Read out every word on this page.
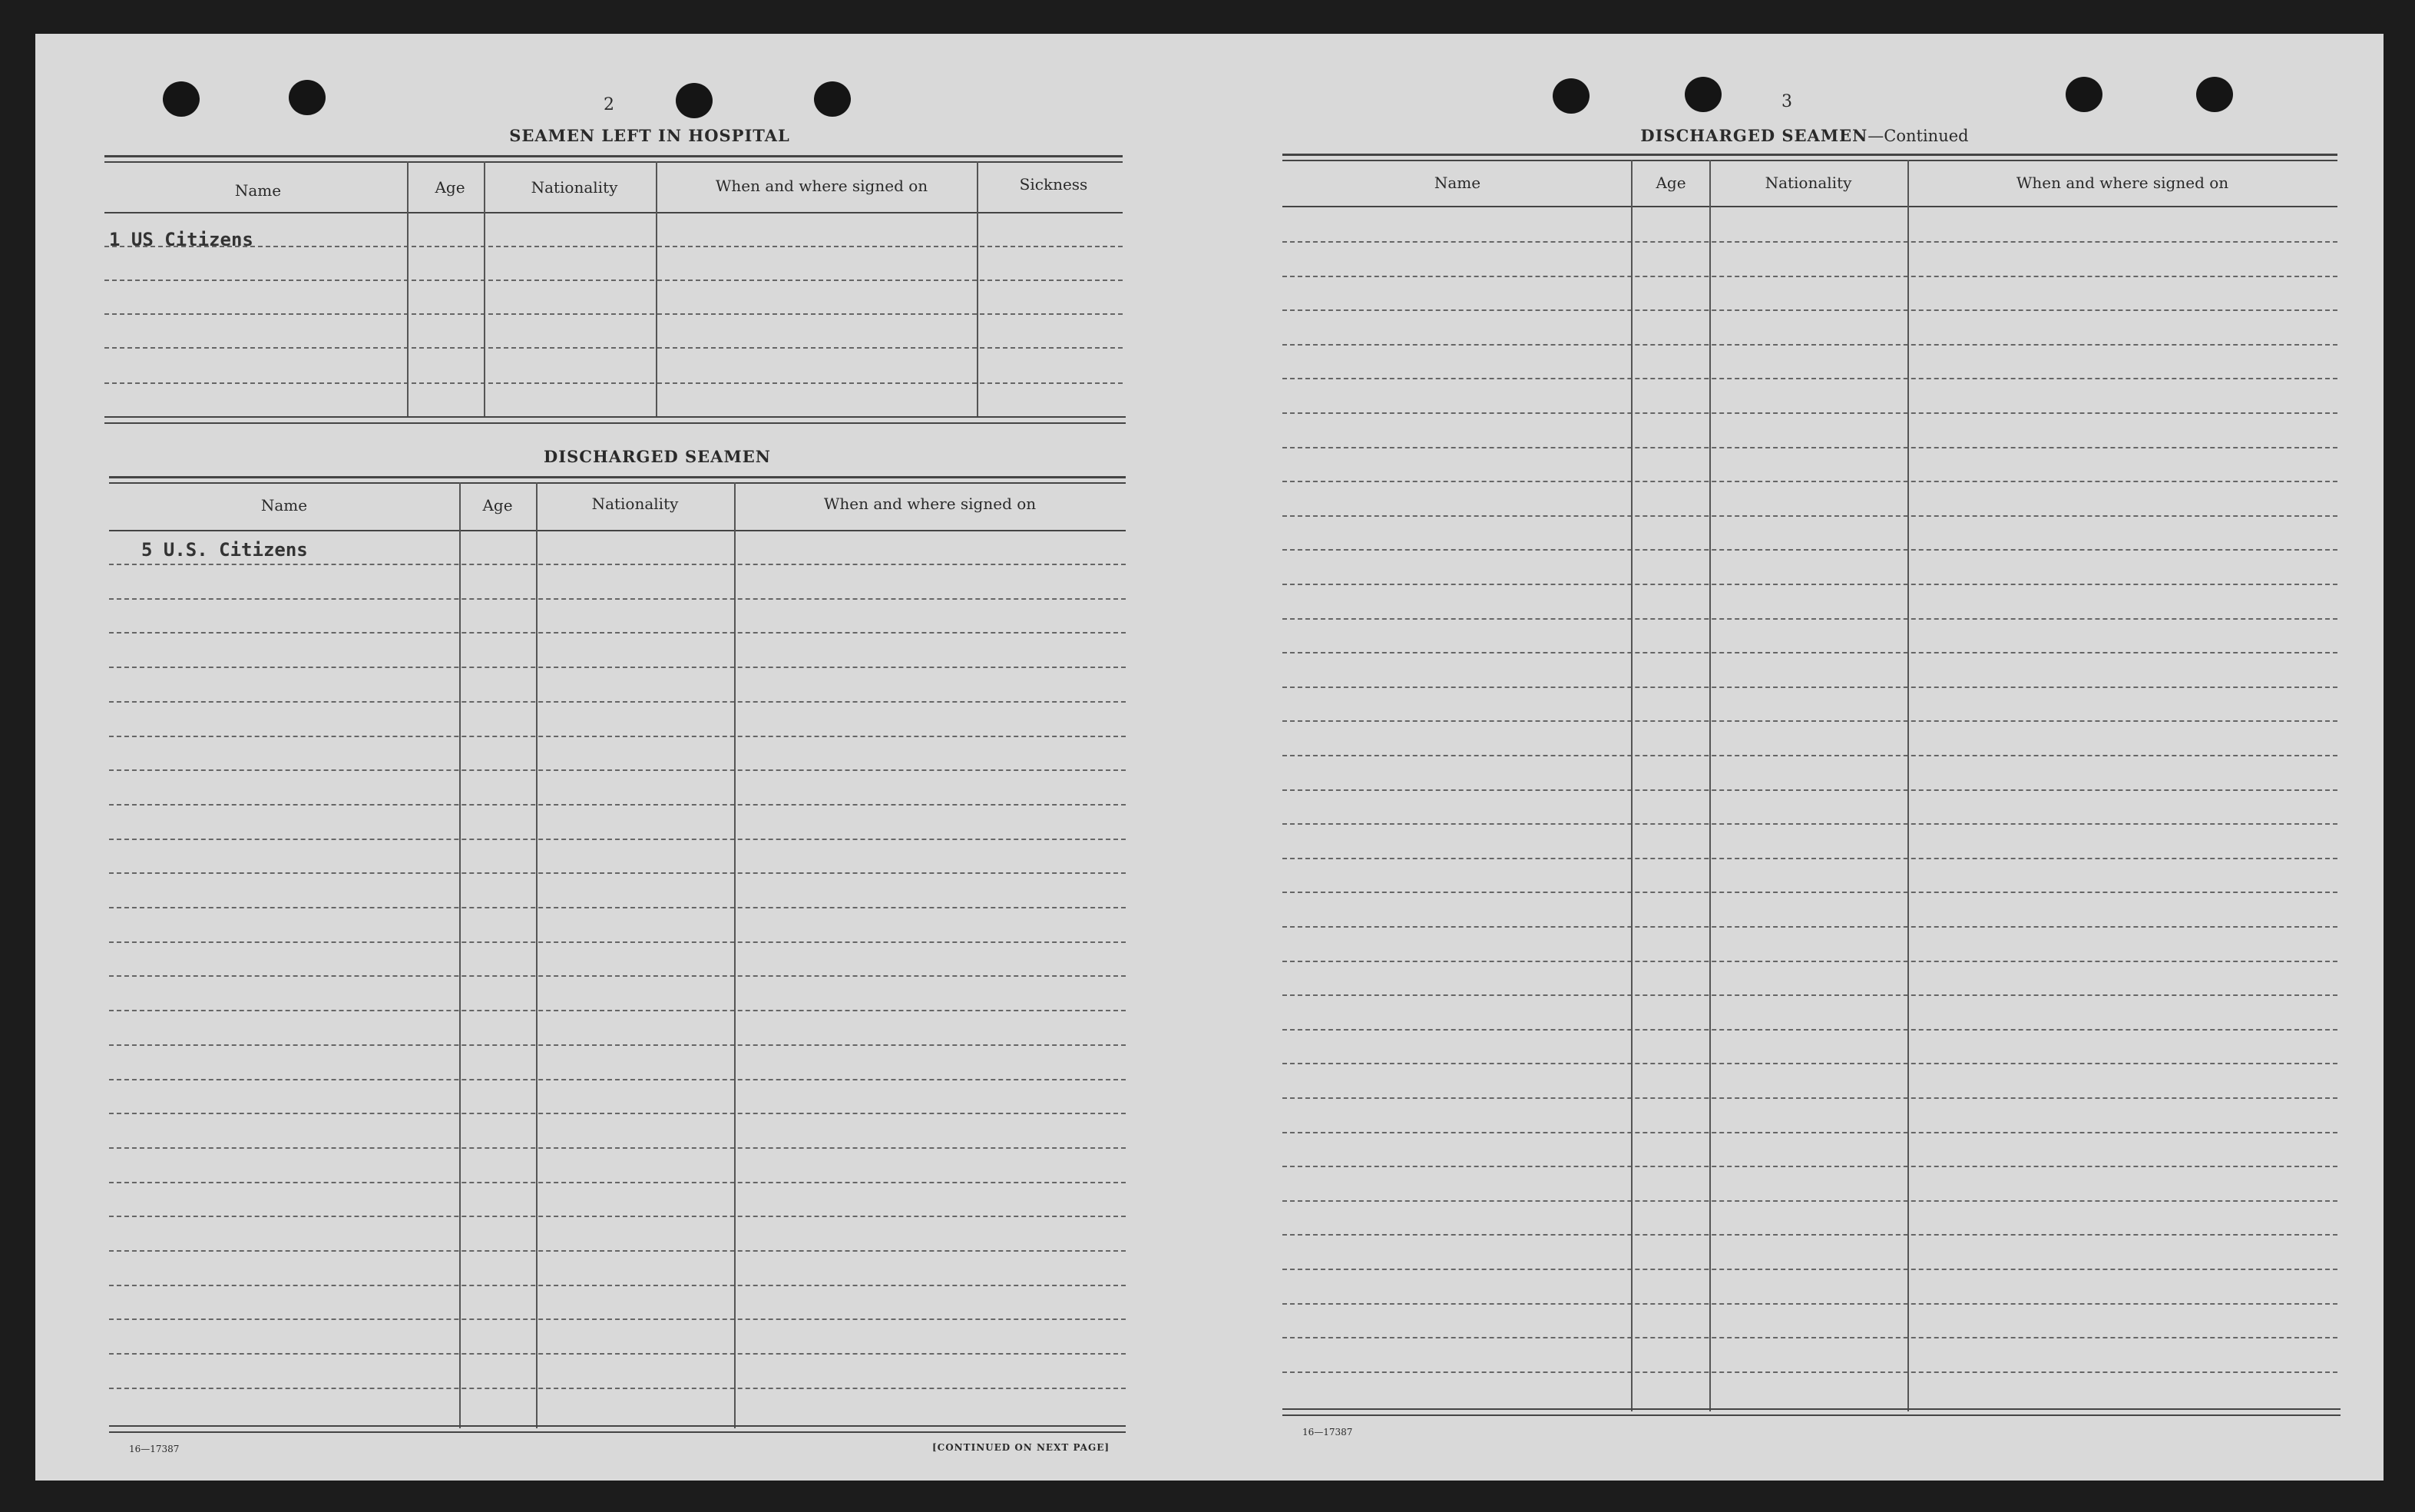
2
SEAMEN LEFT IN HOSPITAL
Name	Age	Nationality	When and where signed on	Sickness
1 US Citizens
DISCHARGED SEAMEN
Name	Age	Nationality	When and where signed on
5 U.S. Citizens
16—17387	[CONTINUED ON NEXT PAGE]
3
DISCHARGED SEAMEN—Continued
Name	Age	Nationality	When and where signed on
16—17387
